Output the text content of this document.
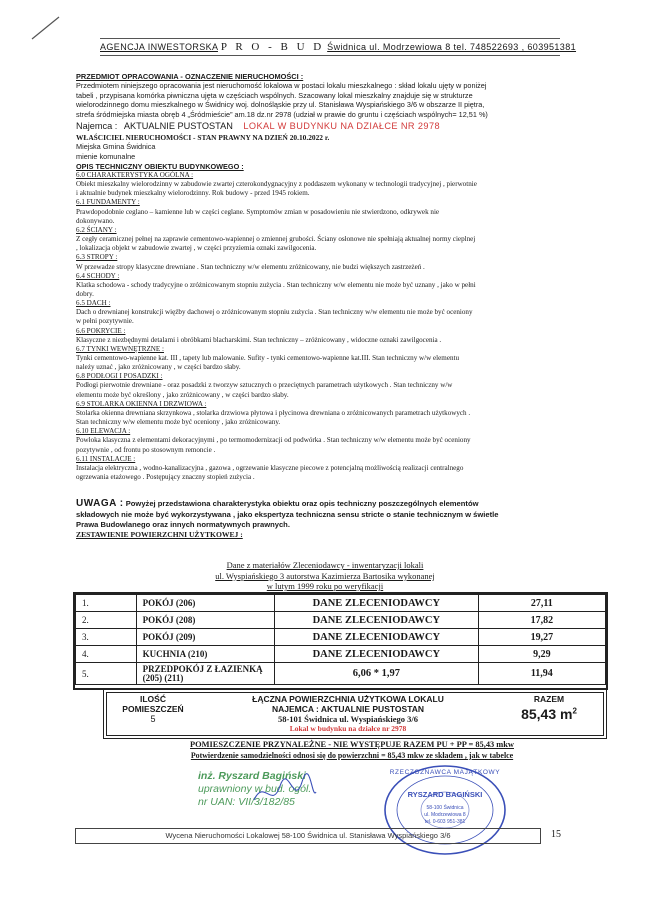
AGENCJA INWESTORSKA P R O - B U D Świdnica ul. Modrzewiowa 8 tel. 748522693 , 603951381
PRZEDMIOT OPRACOWANIA - OZNACZENIE NIERUCHOMOŚCI :
Przedmiotem niniejszego opracowania jest nieruchomość lokalowa w postaci lokalu mieszkalnego : skład lokalu ujęty w poniżej
tabeli , przypisana komórka piwniczna ujęta w częściach wspólnych. Szacowany lokal mieszkalny znajduje się w strukturze
wielorodzinnego domu mieszkalnego w Świdnicy woj. dolnośląskie przy ul. Stanisława Wyspiańskiego 3/6 w obszarze II piętra,
strefa śródmiejska miasta obręb 4 „Śródmieście” am.18 dz.nr 2978 (udział w prawie do gruntu i częściach wspólnych= 12,51 %)
Najemca : AKTUALNIE PUSTOSTAN LOKAL W BUDYNKU NA DZIAŁCE NR 2978
WŁAŚCICIEL NIERUCHOMOŚCI - STAN PRAWNY NA DZIEŃ 20.10.2022 r.
Miejska Gmina Świdnica
mienie komunalne
OPIS TECHNICZNY OBIEKTU BUDYNKOWEGO :
6.0 CHARAKTERYSTYKA OGÓLNA :
Obiekt mieszkalny wielorodzinny w zabudowie zwartej czterokondygnacyjny z poddaszem wykonany w technologii tradycyjnej , pierwotnie
i aktualnie budynek mieszkalny wielorodzinny. Rok budowy - przed 1945 rokiem.
6.1 FUNDAMENTY :
Prawdopodobnie ceglano – kamienne lub w części ceglane. Symptomów zmian w posadowieniu nie stwierdzono, odkrywek nie
dokonywano.
6.2 ŚCIANY :
Z cegły ceramicznej pełnej na zaprawie cementowo-wapiennej o zmiennej grubości. Ściany osłonowe nie spełniają aktualnej normy cieplnej
, lokalizacja objekt w zabudowie zwartej , w części przyziemia oznaki zawilgocenia.
6.3 STROPY :
W przewadze stropy klasyczne drewniane . Stan techniczny w/w elementu zróżnicowany, nie budzi większych zastrzeżeń .
6.4 SCHODY :
Klatka schodowa - schody tradycyjne o zróżnicowanym stopniu zużycia . Stan techniczny w/w elementu nie może być uznany , jako w pełni
dobry.
6.5 DACH :
Dach o drewnianej konstrukcji więźby dachowej o zróżnicowanym stopniu zużycia . Stan techniczny w/w elementu nie może być oceniony
w pełni pozytywnie.
6.6 POKRYCIE :
Klasyczne z niezbędnymi detalami i obróbkami blacharskimi. Stan techniczny – zróżnicowany , widoczne oznaki zawilgocenia .
6.7 TYNKI WEWNĘTRZNE :
Tynki cementowo-wapienne kat. III , tapety lub malowanie. Sufity - tynki cementowo-wapienne kat.III. Stan techniczny w/w elementu
należy uznać , jako zróżnicowany , w części bardzo słaby.
6.8 PODŁOGI I POSADZKI :
Podłogi pierwotnie drewniane - oraz posadzki z tworzyw sztucznych o przeciętnych parametrach użytkowych . Stan techniczny w/w
elementu może być określony , jako zróżnicowany , w części bardzo słaby.
6.9 STOLARKA OKIENNA I DRZWIOWA :
Stolarka okienna drewniana skrzynkowa , stolarka drzwiowa płytowa i płycinowa drewniana o zróżnicowanych parametrach użytkowych .
Stan techniczny w/w elementu może być oceniony , jako zróżnicowany.
6.10 ELEWACJA :
Powłoka klasyczna z elementami dekoracyjnymi , po termomodernizacji od podwórka . Stan techniczny w/w elementu może być oceniony
pozytywnie , od frontu po stosownym remoncie .
6.11 INSTALACJE :
Instalacja elektryczna , wodno-kanalizacyjna , gazowa , ogrzewanie klasyczne piecowe z potencjalną możliwością realizacji centralnego
ogrzewania etażowego . Postępujący znaczny stopień zużycia .
UWAGA : Powyżej przedstawiona charakterystyka obiektu oraz opis techniczny poszczególnych elementów
składowych nie może być wykorzystywana , jako ekspertyza techniczna sensu stricte o stanie technicznym w świetle
Prawa Budowlanego oraz innych normatywnych prawnych.
ZESTAWIENIE POWIERZCHNI UŻYTKOWEJ :
Dane z materiałów Zleceniodawcy - inwentaryzacji lokali
ul. Wyspiańskiego 3 autorstwa Kazimierza Bartosika wykonanej
w lutym 1999 roku po weryfikacji
1.	POKÓJ (206)	DANE ZLECENIODAWCY	27,11
2.	POKÓJ (208)	DANE ZLECENIODAWCY	17,82
3.	POKÓJ (209)	DANE ZLECENIODAWCY	19,27
4.	KUCHNIA (210)	DANE ZLECENIODAWCY	9,29
5.	PRZEDPOKÓJ Z ŁAZIENKĄ (205) (211)	6,06 * 1,97	11,94
ILOŚĆ
POMIESZCZEŃ
5
ŁĄCZNA POWIERZCHNIA UŻYTKOWA LOKALU
NAJEMCA : AKTUALNIE PUSTOSTAN
58-101 Świdnica ul. Wyspiańskiego 3/6
Lokal w budynku na działce nr 2978
RAZEM
85,43 $m^2$
POMIESZCZENIE PRZYNALEŻNE - NIE WYSTĘPUJE RAZEM PU + PP = 85,43 mkw
Potwierdzenie samodzielności odnosi się do powierzchni = 85,43 mkw ze składem , jak w tabelce
inż. Ryszard Bagiński
uprawniony w bud. ogól.
nr UAN: VII/3/182/85
RZECZOZNAWCA MAJĄTKOWY
RYSZARD BAGIŃSKI
58-100 Świdnica
ul. Modrzewiowa 8
tel. 0-603 951-381
Wycena Nieruchomości Lokalowej 58-100 Świdnica ul. Stanisława Wyspiańskiego 3/6	15
